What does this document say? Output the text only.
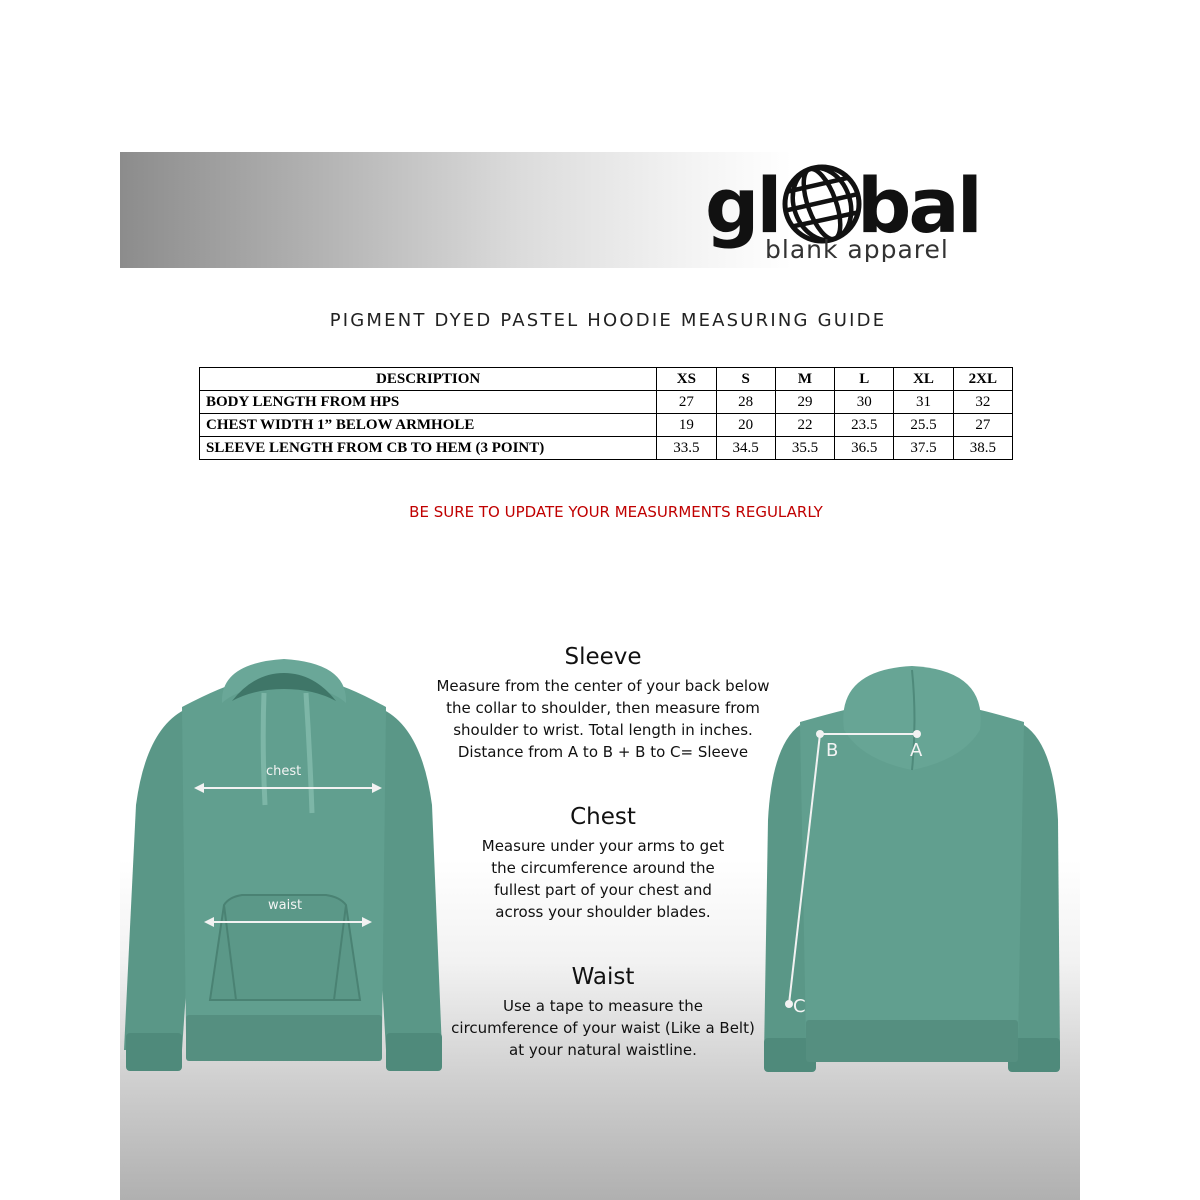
gl bal
blank apparel
PIGMENT DYED PASTEL HOODIE MEASURING GUIDE
DESCRIPTION	XS	S	M	L	XL	2XL
BODY LENGTH FROM HPS	27	28	29	30	31	32
CHEST WIDTH 1” BELOW ARMHOLE	19	20	22	23.5	25.5	27
SLEEVE LENGTH FROM CB TO HEM (3 POINT)	33.5	34.5	35.5	36.5	37.5	38.5
BE SURE TO UPDATE YOUR MEASURMENTS REGULARLY
chest
waist
A
B
C
Sleeve
Measure from the center of your back below
the collar to shoulder, then measure from
shoulder to wrist. Total length in inches.
Distance from A to B + B to C= Sleeve
Chest
Measure under your arms to get
the circumference around the
fullest part of your chest and
across your shoulder blades.
Waist
Use a tape to measure the
circumference of your waist (Like a Belt)
at your natural waistline.
